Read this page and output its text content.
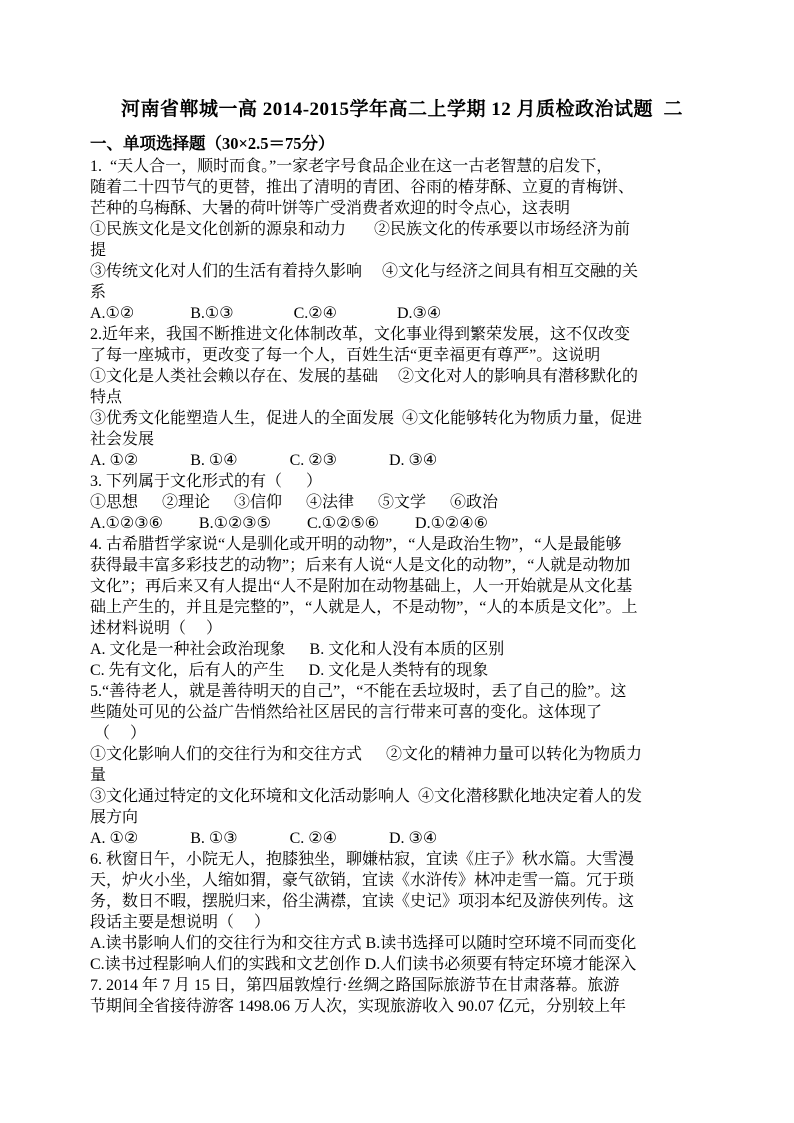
河南省郸城一高 2014-2015学年高二上学期 12 月质检政治试题  二
一、单项选择题（30×2.5＝75分）
1.  “天人合一，顺时而食。”一家老字号食品企业在这一古老智慧的启发下，
随着二十四节气的更替，推出了清明的青团、谷雨的椿芽酥、立夏的青梅饼、
芒种的乌梅酥、大暑的荷叶饼等广受消费者欢迎的时令点心，这表明
①民族文化是文化创新的源泉和动力       ②民族文化的传承要以市场经济为前
提
③传统文化对人们的生活有着持久影响     ④文化与经济之间具有相互交融的关
系
A.①②              B.①③               C.②④               D.③④
2.近年来，我国不断推进文化体制改革，文化事业得到繁荣发展，这不仅改变
了每一座城市，更改变了每一个人，百姓生活“更幸福更有尊严”。这说明
①文化是人类社会赖以存在、发展的基础     ②文化对人的影响具有潜移默化的
特点
③优秀文化能塑造人生，促进人的全面发展  ④文化能够转化为物质力量，促进
社会发展
A. ①②             B. ①④             C. ②③             D. ③④
3. 下列属于文化形式的有（      ）
①思想      ②理论      ③信仰      ④法律      ⑤文学      ⑥政治
A.①②③⑥         B.①②③⑤         C.①②⑤⑥         D.①②④⑥
4. 古希腊哲学家说“人是驯化或开明的动物”，“人是政治生物”，“人是最能够
获得最丰富多彩技艺的动物”；后来有人说“人是文化的动物”，“人就是动物加
文化”；再后来又有人提出“人不是附加在动物基础上，人一开始就是从文化基
础上产生的，并且是完整的”，“人就是人，不是动物”，“人的本质是文化”。上
述材料说明（     ）
A. 文化是一种社会政治现象      B. 文化和人没有本质的区别
C. 先有文化，后有人的产生      D. 文化是人类特有的现象
5.“善待老人，就是善待明天的自己”，“不能在丢垃圾时，丢了自己的脸”。这
些随处可见的公益广告悄然给社区居民的言行带来可喜的变化。这体现了
（     ）
①文化影响人们的交往行为和交往方式      ②文化的精神力量可以转化为物质力
量
③文化通过特定的文化环境和文化活动影响人  ④文化潜移默化地决定着人的发
展方向
A. ①②             B. ①③             C. ②④             D. ③④
6. 秋窗日午，小院无人，抱膝独坐，聊嫌枯寂，宜读《庄子》秋水篇。大雪漫
天，炉火小坐，人缩如猬，豪气欲销，宜读《水浒传》林冲走雪一篇。冗于琐
务，数日不暇，摆脱归来，俗尘满襟，宜读《史记》项羽本纪及游侠列传。这
段话主要是想说明（     ）
A.读书影响人们的交往行为和交往方式 B.读书选择可以随时空环境不同而变化
C.读书过程影响人们的实践和文艺创作 D.人们读书必须要有特定环境才能深入
7. 2014 年 7 月 15 日，第四届敦煌行·丝绸之路国际旅游节在甘肃落幕。旅游
节期间全省接待游客 1498.06 万人次，实现旅游收入 90.07 亿元，分别较上年
